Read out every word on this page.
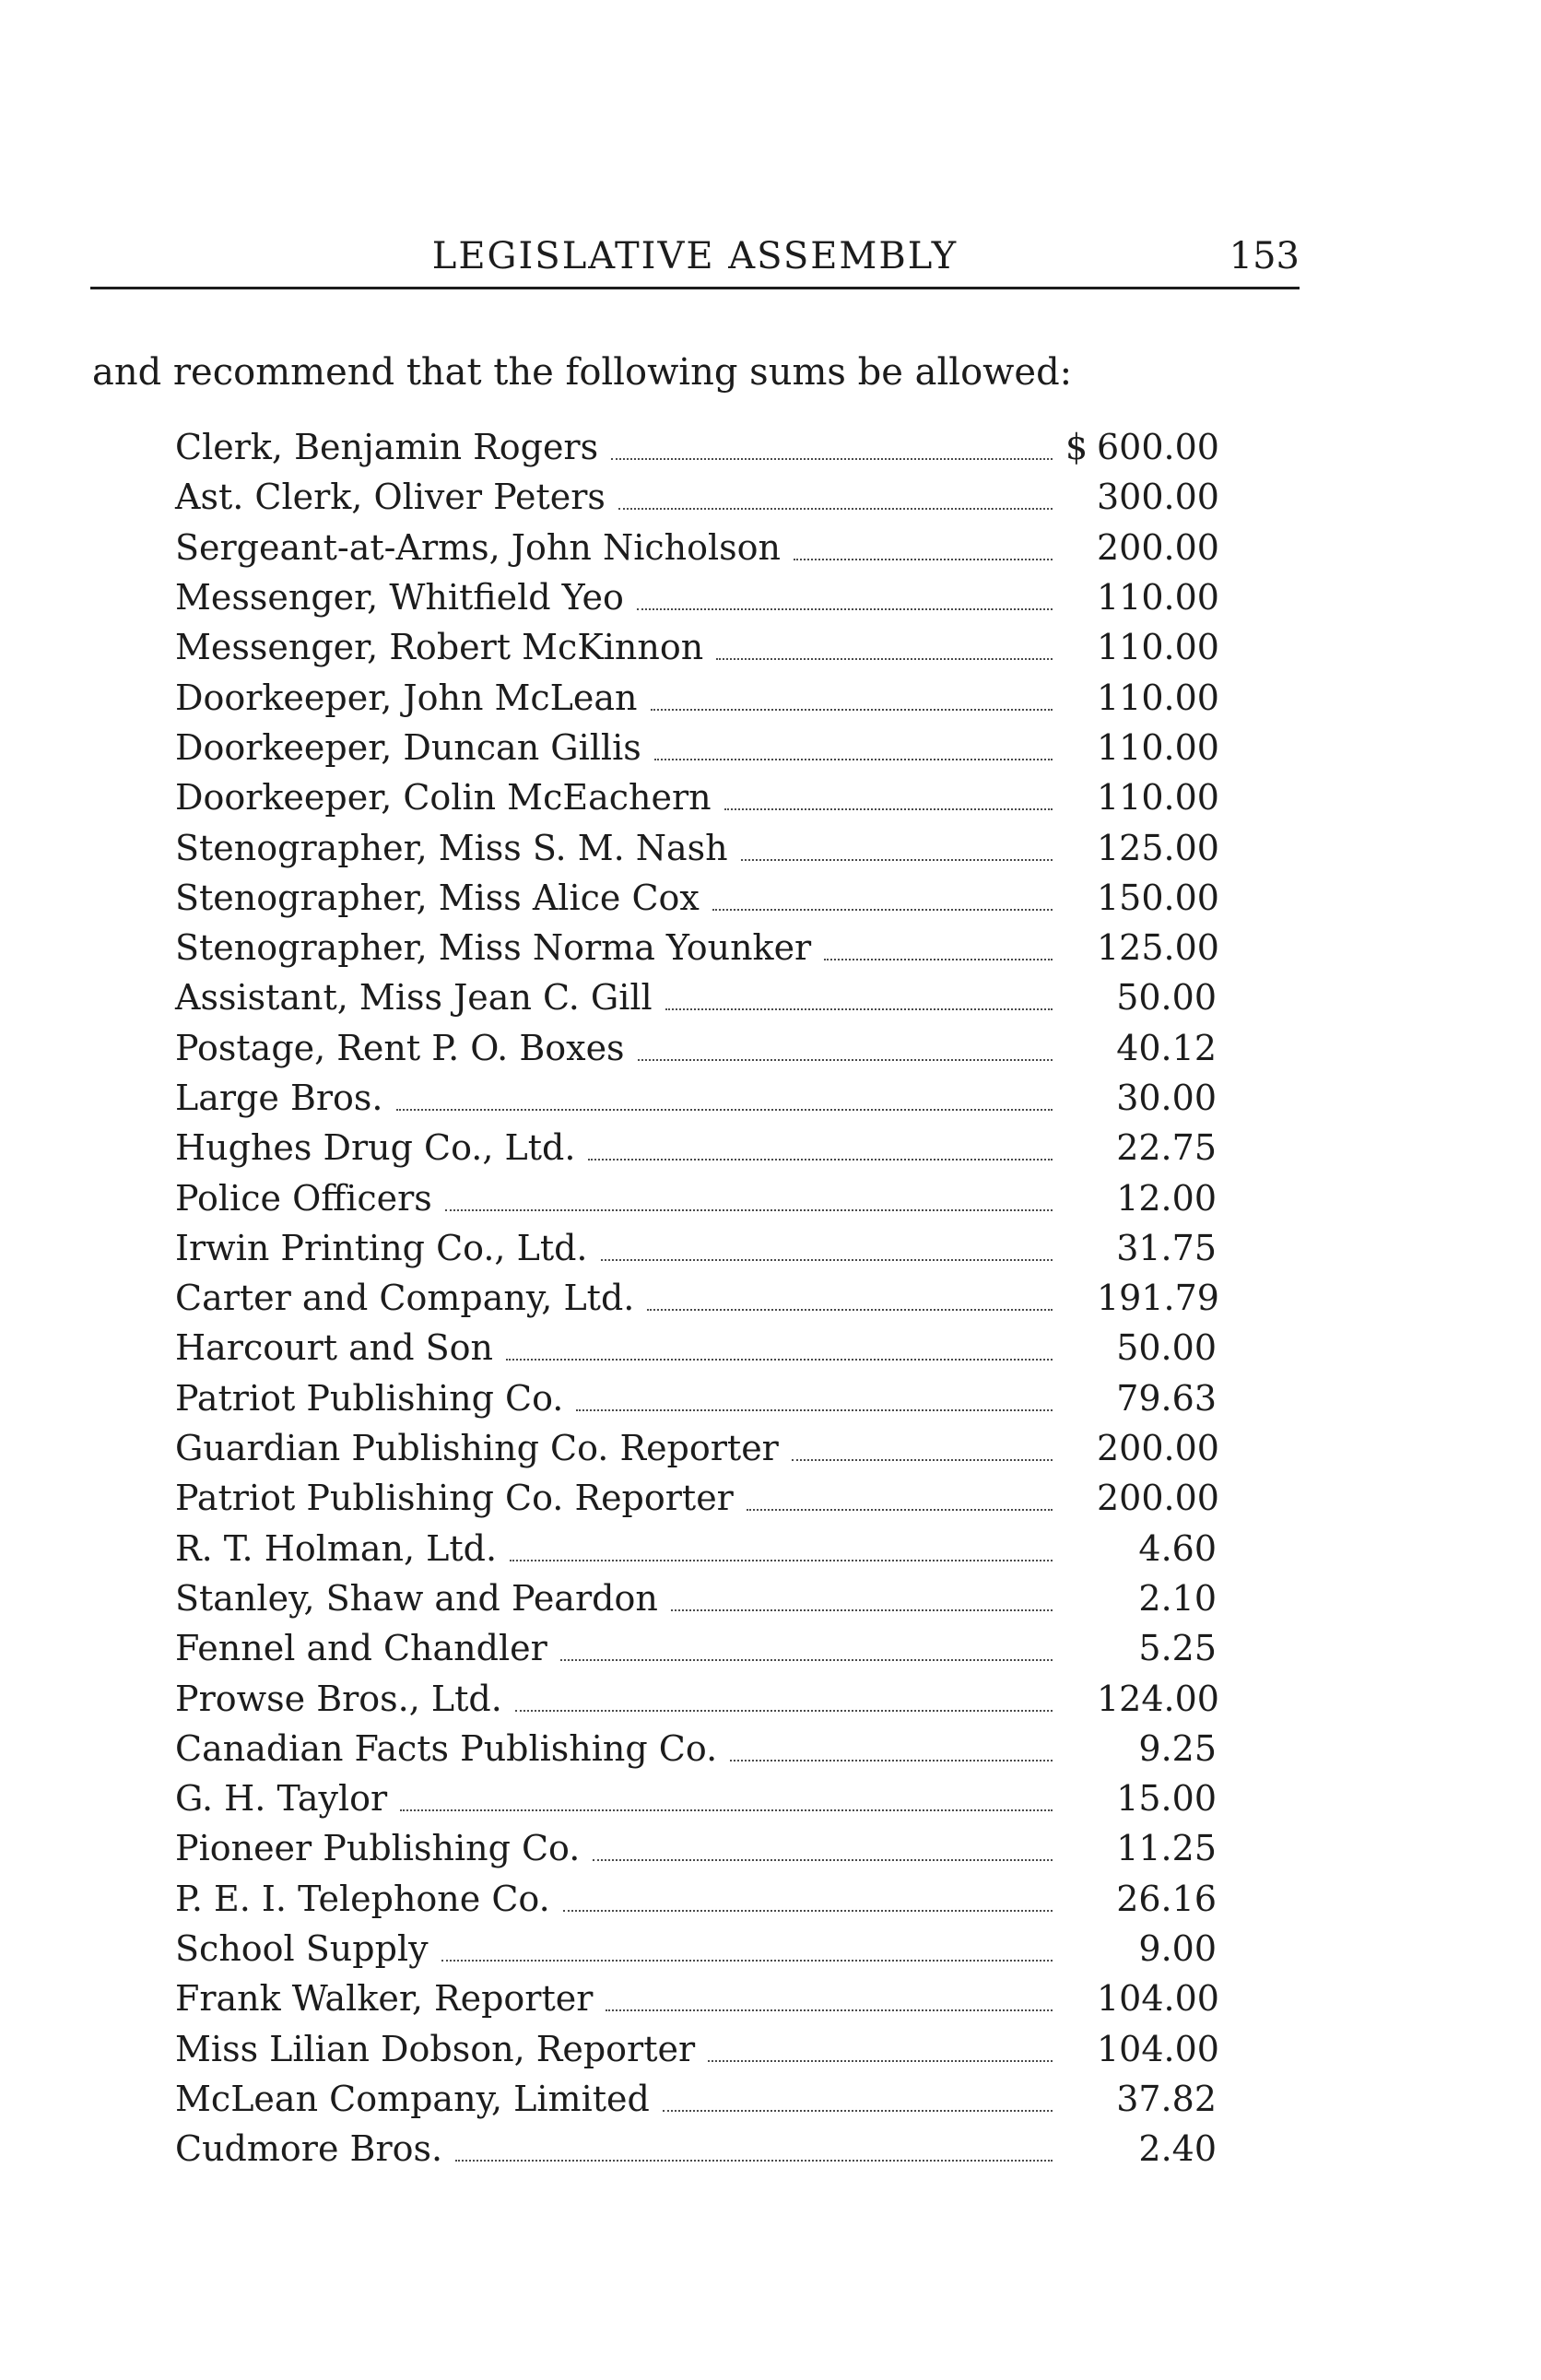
LEGISLATIVE ASSEMBLY	153
and recommend that the following sums be allowed:
Clerk, Benjamin Rogers	$ 600.00
Ast. Clerk, Oliver Peters	300.00
Sergeant-at-Arms, John Nicholson	200.00
Messenger, Whitfield Yeo	110.00
Messenger, Robert McKinnon	110.00
Doorkeeper, John McLean	110.00
Doorkeeper, Duncan Gillis	110.00
Doorkeeper, Colin McEachern	110.00
Stenographer, Miss S. M. Nash	125.00
Stenographer, Miss Alice Cox	150.00
Stenographer, Miss Norma Younker	125.00
Assistant, Miss Jean C. Gill	50.00
Postage, Rent P. O. Boxes	40.12
Large Bros.	30.00
Hughes Drug Co., Ltd.	22.75
Police Officers	12.00
Irwin Printing Co., Ltd.	31.75
Carter and Company, Ltd.	191.79
Harcourt and Son	50.00
Patriot Publishing Co.	79.63
Guardian Publishing Co. Reporter	200.00
Patriot Publishing Co. Reporter	200.00
R. T. Holman, Ltd.	4.60
Stanley, Shaw and Peardon	2.10
Fennel and Chandler	5.25
Prowse Bros., Ltd.	124.00
Canadian Facts Publishing Co.	9.25
G. H. Taylor	15.00
Pioneer Publishing Co.	11.25
P. E. I. Telephone Co.	26.16
School Supply	9.00
Frank Walker, Reporter	104.00
Miss Lilian Dobson, Reporter	104.00
McLean Company, Limited	37.82
Cudmore Bros.	2.40
